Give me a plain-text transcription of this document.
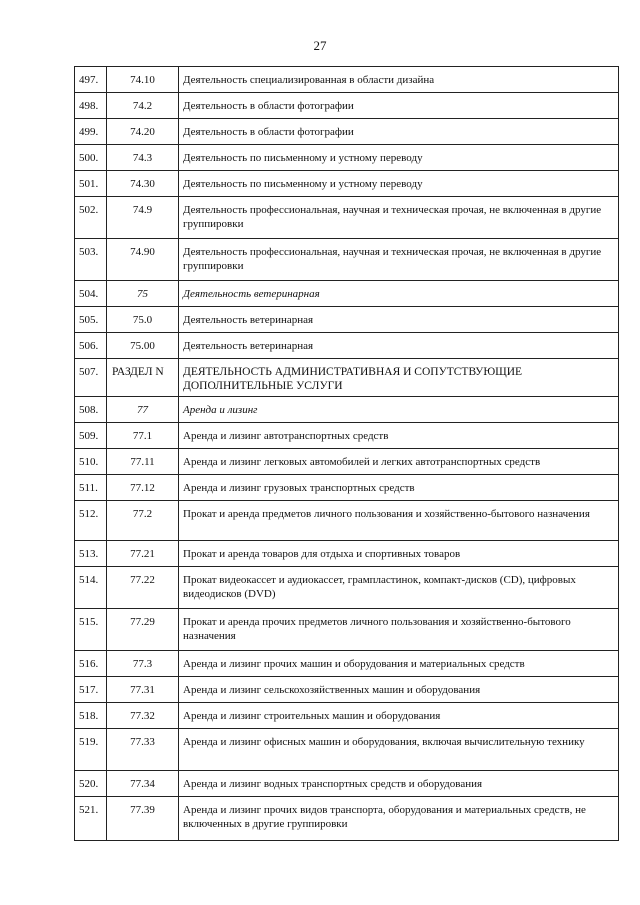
27
497.	74.10	Деятельность специализированная в области дизайна
498.	74.2	Деятельность в области фотографии
499.	74.20	Деятельность в области фотографии
500.	74.3	Деятельность по письменному и устному переводу
501.	74.30	Деятельность по письменному и устному переводу
502.	74.9	Деятельность профессиональная, научная и техническая прочая, не включенная в другие группировки
503.	74.90	Деятельность профессиональная, научная и техническая прочая, не включенная в другие группировки
504.	75	Деятельность ветеринарная
505.	75.0	Деятельность ветеринарная
506.	75.00	Деятельность ветеринарная
507.	РАЗДЕЛ N	ДЕЯТЕЛЬНОСТЬ АДМИНИСТРАТИВНАЯ И СОПУТСТВУЮЩИЕ ДОПОЛНИТЕЛЬНЫЕ УСЛУГИ
508.	77	Аренда и лизинг
509.	77.1	Аренда и лизинг автотранспортных средств
510.	77.11	Аренда и лизинг легковых автомобилей и легких автотранспортных средств
511.	77.12	Аренда и лизинг грузовых транспортных средств
512.	77.2	Прокат и аренда предметов личного пользования и хозяйственно-бытового назначения
513.	77.21	Прокат и аренда товаров для отдыха и спортивных товаров
514.	77.22	Прокат видеокассет и аудиокассет, грампластинок, компакт-дисков (CD), цифровых видеодисков (DVD)
515.	77.29	Прокат и аренда прочих предметов личного пользования и хозяйственно-бытового назначения
516.	77.3	Аренда и лизинг прочих машин и оборудования и материальных средств
517.	77.31	Аренда и лизинг сельскохозяйственных машин и оборудования
518.	77.32	Аренда и лизинг строительных машин и оборудования
519.	77.33	Аренда и лизинг офисных машин и оборудования, включая вычислительную технику
520.	77.34	Аренда и лизинг водных транспортных средств и оборудования
521.	77.39	Аренда и лизинг прочих видов транспорта, оборудования и материальных средств, не включенных в другие группировки
